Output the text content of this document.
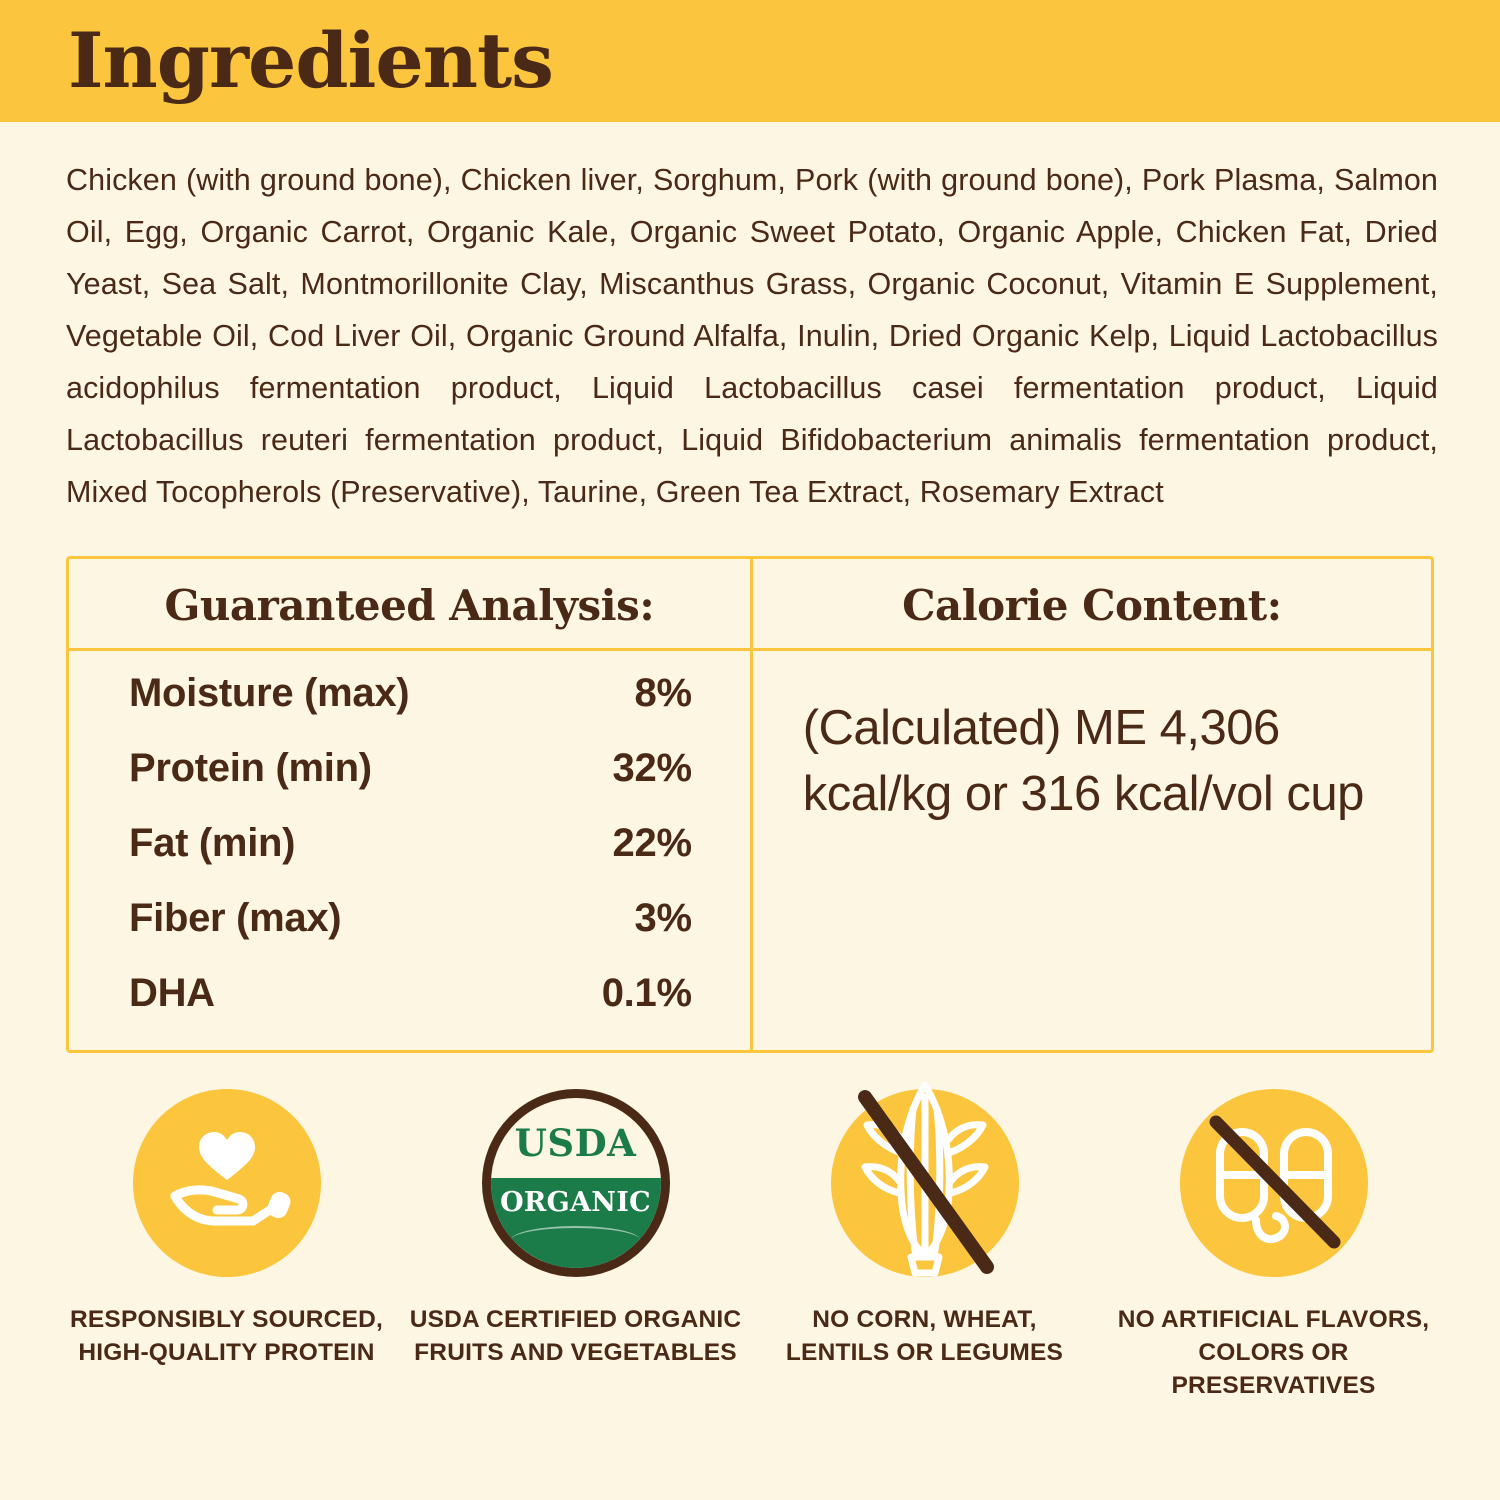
Ingredients
Chicken (with ground bone), Chicken liver, Sorghum, Pork (with ground bone), Pork Plasma, Salmon Oil, Egg, Organic Carrot, Organic Kale, Organic Sweet Potato, Organic Apple, Chicken Fat, Dried Yeast, Sea Salt, Montmorillonite Clay, Miscanthus Grass, Organic Coconut, Vitamin E Supplement, Vegetable Oil, Cod Liver Oil, Organic Ground Alfalfa, Inulin, Dried Organic Kelp, Liquid Lactobacillus acidophilus fermentation product, Liquid Lactobacillus casei fermentation product, Liquid Lactobacillus reuteri fermentation product, Liquid Bifidobacterium animalis fermentation product, Mixed Tocopherols (Preservative), Taurine, Green Tea Extract, Rosemary Extract
Guaranteed Analysis:
Moisture (max)	8%
Protein (min)	32%
Fat (min)	22%
Fiber (max)	3%
DHA	0.1%
Calorie Content:
(Calculated) ME 4,306 kcal/kg or 316 kcal/vol cup
RESPONSIBLY SOURCED,
HIGH-QUALITY PROTEIN
USDA
ORGANIC
USDA CERTIFIED ORGANIC
FRUITS AND VEGETABLES
NO CORN, WHEAT,
LENTILS OR LEGUMES
NO ARTIFICIAL FLAVORS,
COLORS OR PRESERVATIVES
